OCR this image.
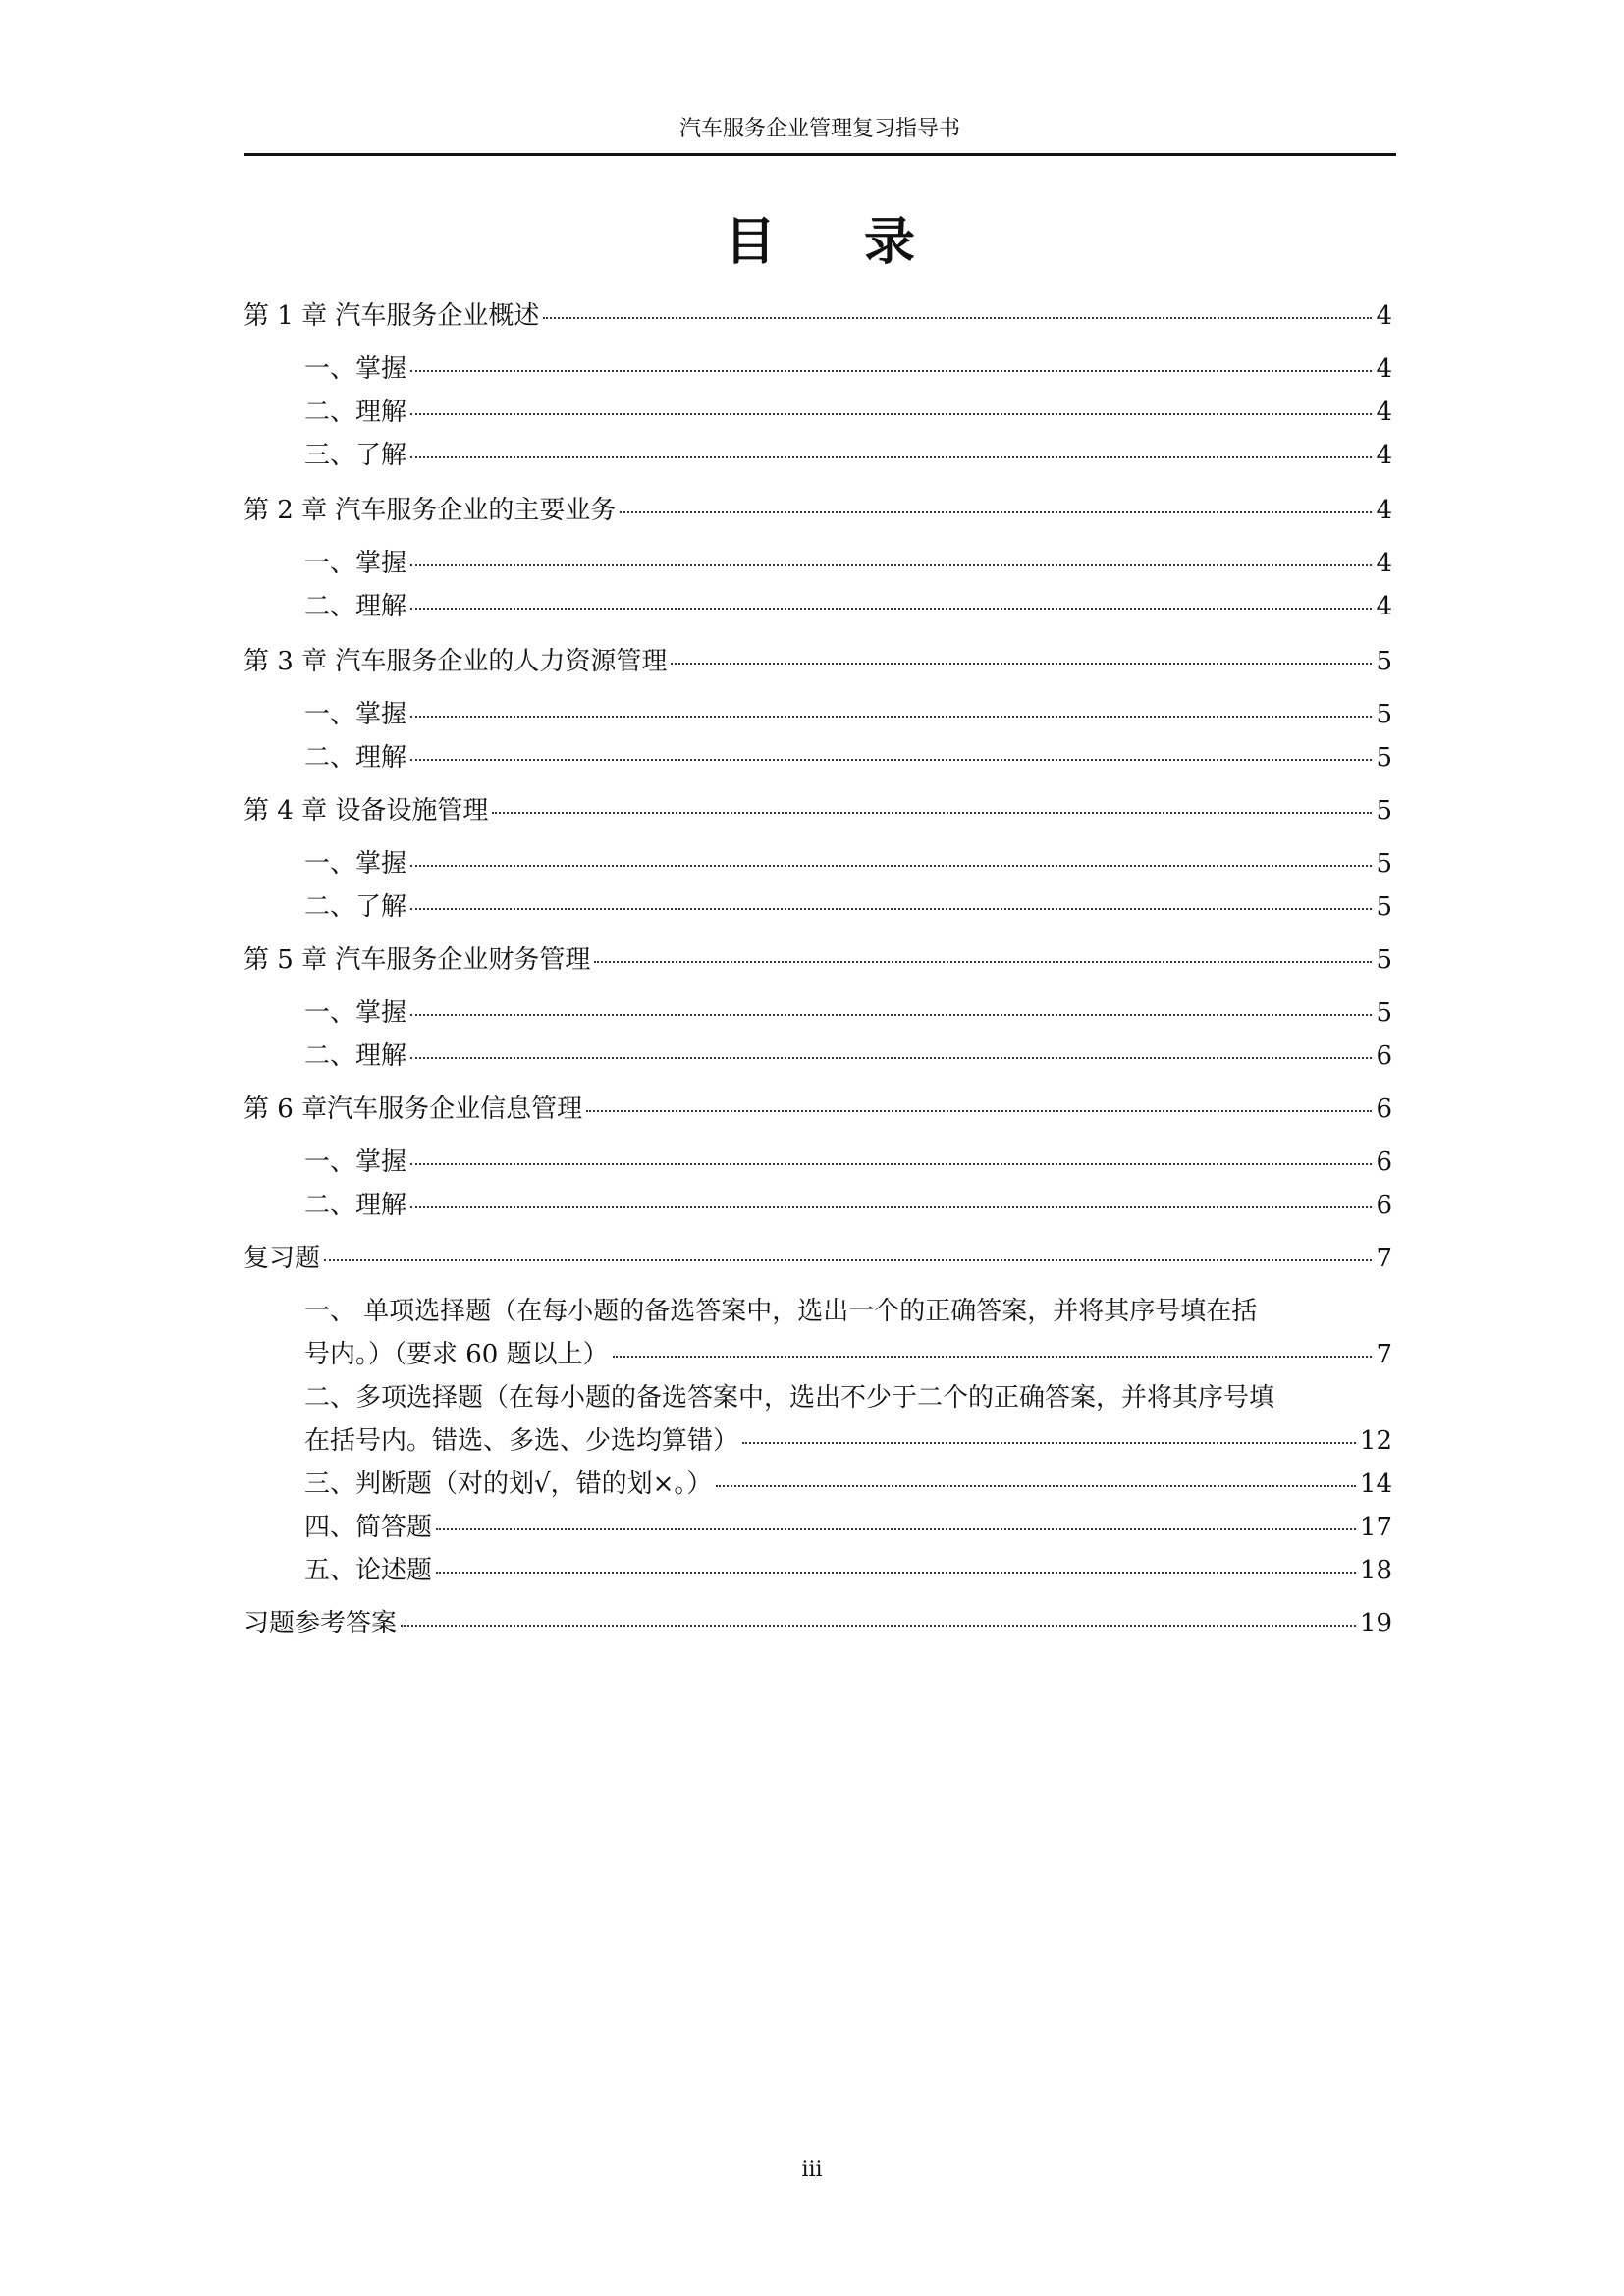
汽车服务企业管理复习指导书
目录
第 1 章 汽车服务企业概述	4
一、掌握	4
二、理解	4
三、了解	4
第 2 章 汽车服务企业的主要业务	4
一、掌握	4
二、理解	4
第 3 章 汽车服务企业的人力资源管理	5
一、掌握	5
二、理解	5
第 4 章 设备设施管理	5
一、掌握	5
二、了解	5
第 5 章 汽车服务企业财务管理	5
一、掌握	5
二、理解	6
第 6 章汽车服务企业信息管理	6
一、掌握	6
二、理解	6
复习题	7
一、 单项选择题（在每小题的备选答案中，选出一个的正确答案，并将其序号填在括
号内。）（要求 60 题以上）	7
二、多项选择题（在每小题的备选答案中，选出不少于二个的正确答案，并将其序号填
在括号内。错选、多选、少选均算错）	12
三、判断题（对的划√，错的划×。）	14
四、简答题	17
五、论述题	18
习题参考答案	19
iii
